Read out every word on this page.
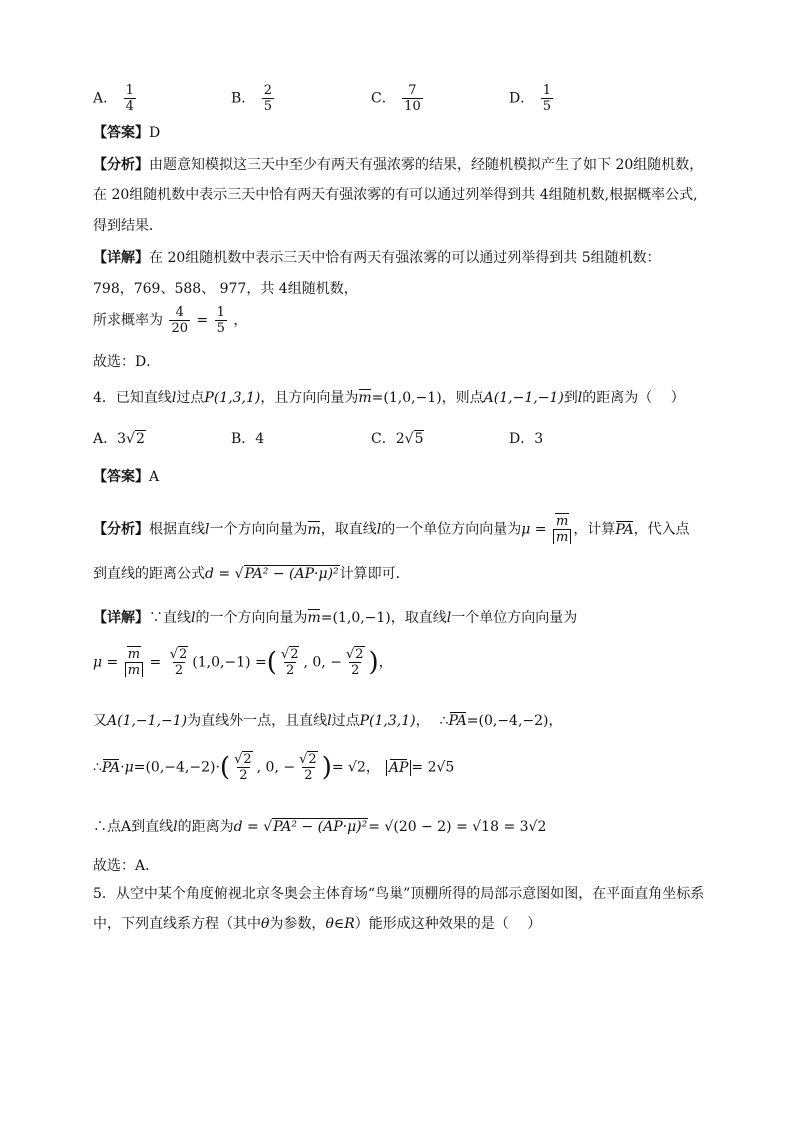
A． $\frac{1}{4}$	B． $\frac{2}{5}$	C． $\frac{7}{10}$	D． $\frac{1}{5}$
【答案】D
【分析】由题意知模拟这三天中至少有两天有强浓雾的结果，经随机模拟产生了如下 20组随机数，
在 20组随机数中表示三天中恰有两天有强浓雾的有可以通过列举得到共 4组随机数,根据概率公式,
得到结果．
【详解】在 20组随机数中表示三天中恰有两天有强浓雾的可以通过列举得到共 5组随机数：
798，769、588、 977，共 4组随机数，
所求概率为 $\frac{4}{20} = \frac{1}{5}$ ，
故选：D．
4．已知直线l过点P(1,3,1)，且方向向量为m=(1,0,−1)，则点A(1,−1,−1)到l的距离为（　 ）
A．3√2	B．4	C．2√5	D．3
【答案】A
【分析】根据直线l一个方向向量为m，取直线l的一个单位方向向量为$\mu = \frac{m}{m}$ ，计算PA，代入点
到直线的距离公式d = √PA² − (AP·μ)²计算即可．
【详解】∵直线l的一个方向向量为m=(1,0,−1)，取直线l一个单位方向向量为
$\mu = \frac{m}{m} = \frac{√2}{2} (1,0,-1)$ =( $\frac{√2}{2}$ , 0, − $\frac{√2}{2}$ )，
又A(1,−1,−1)为直线外一点，且直线l过点P(1,3,1)， ∴PA=(0,−4,−2)，
∴PA·μ=(0,−4,−2)·( $\frac{√2}{2}$ , 0, − $\frac{√2}{2}$ )= √2， AP = 2√5
∴点A到直线l的距离为d = √PA² − (AP·μ)²= √(20 − 2) = √18 = 3√2
故选：A．
5．从空中某个角度俯视北京冬奥会主体育场“鸟巢”顶棚所得的局部示意图如图，在平面直角坐标系
中，下列直线系方程（其中θ为参数，θ∈R）能形成这种效果的是（　 ）
